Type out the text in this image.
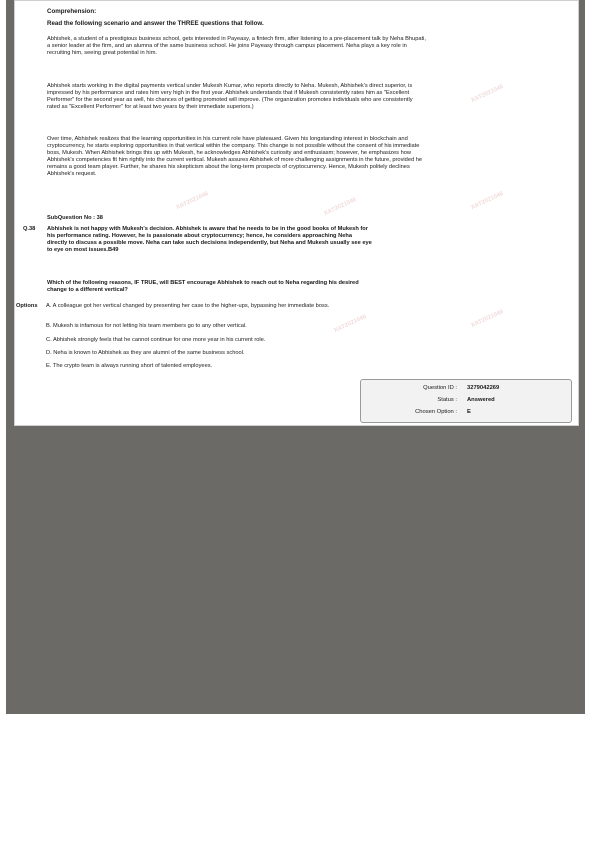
XAT2021046
XAT2021046
XAT2021046
XAT2021046
XAT2021046
XAT2021046
Comprehension:
Read the following scenario and answer the THREE questions that follow.

Abhishek, a student of a prestigious business school, gets interested in Payeasy, a fintech firm, after listening to a pre-placement talk by Neha Bhupati, a senior leader at the firm, and an alumna of the same business school. He joins Payeasy through campus placement. Neha plays a key role in recruiting him, seeing great potential in him.

Abhishek starts working in the digital payments vertical under Mukesh Kumar, who reports directly to Neha. Mukesh, Abhishek's direct superior, is impressed by his performance and rates him very high in the first year. Abhishek understands that if Mukesh consistently rates him as "Excellent Performer" for the second year as well, his chances of getting promoted will improve. (The organization promotes individuals who are consistently rated as "Excellent Performer" for at least two years by their immediate superiors.)

Over time, Abhishek realizes that the learning opportunities in his current role have plateaued. Given his longstanding interest in blockchain and cryptocurrency, he starts exploring opportunities in that vertical within the company. This change is not possible without the consent of his immediate boss, Mukesh. When Abhishek brings this up with Mukesh, he acknowledges Abhishek's curiosity and enthusiasm; however, he emphasizes how Abhishek's competencies fit him rightly into the current vertical. Mukesh assures Abhishek of more challenging assignments in the future, provided he remains a good team player. Further, he shares his skepticism about the long-term prospects of cryptocurrency. Hence, Mukesh politely declines Abhishek's request.

SubQuestion No : 38
Q.38 Abhishek is not happy with Mukesh's decision. Abhishek is aware that he needs to be in the good books of Mukesh for his performance rating. However, he is passionate about cryptocurrency; hence, he considers approaching Neha directly to discuss a possible move. Neha can take such decisions independently, but Neha and Mukesh usually see eye to eye on most issues.B49
Which of the following reasons, IF TRUE, will BEST encourage Abhishek to reach out to Neha regarding his desired change to a different vertical?
Options A. A colleague got her vertical changed by presenting her case to the higher-ups, bypassing her immediate boss.
B. Mukesh is infamous for not letting his team members go to any other vertical.
C. Abhishek strongly feels that he cannot continue for one more year in his current role.
D. Neha is known to Abhishek as they are alumni of the same business school.
E. The crypto team is always running short of talented employees.
Question ID : 3279042269
Status : Answered
Chosen Option : E
